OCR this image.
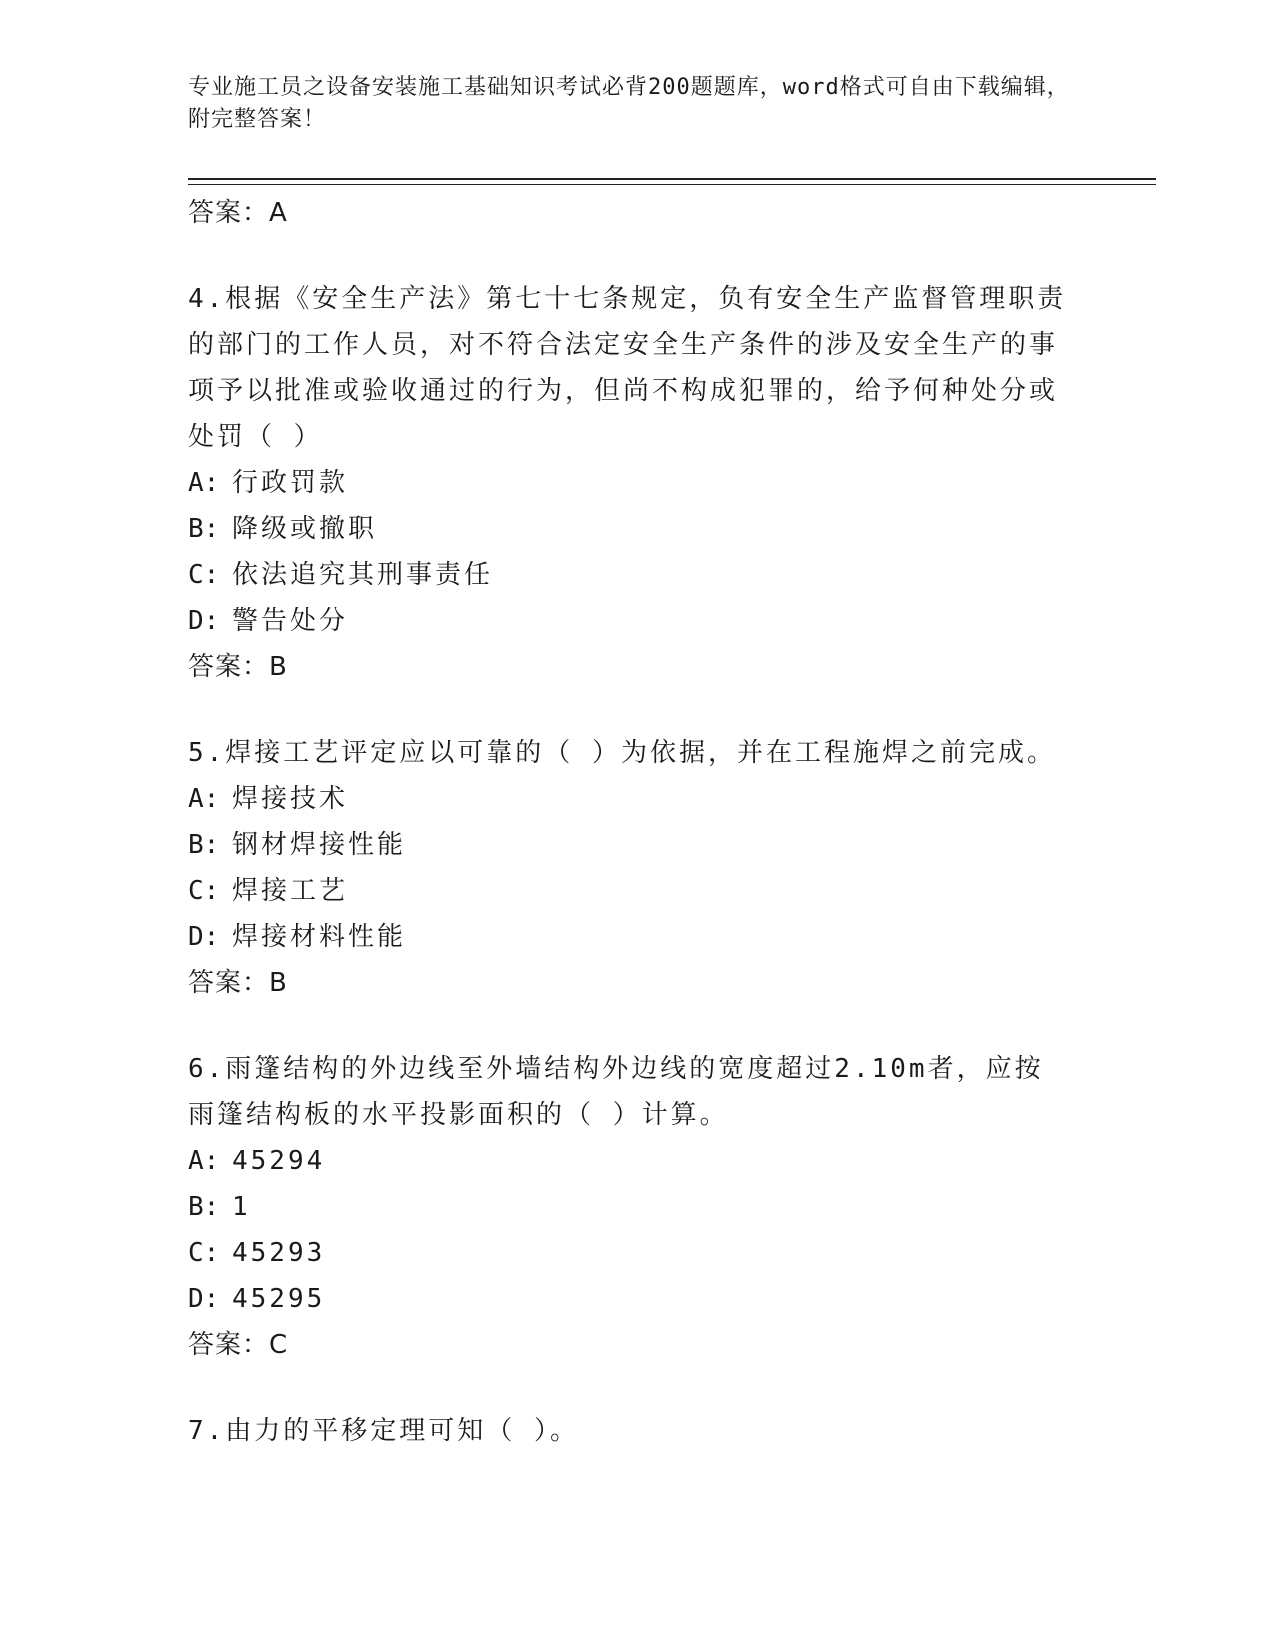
专业施工员之设备安装施工基础知识考试必背200题题库，word格式可自由下载编辑，附完整答案！
答案：A
4.根据《安全生产法》第七十七条规定，负有安全生产监督管理职责的部门的工作人员，对不符合法定安全生产条件的涉及安全生产的事项予以批准或验收通过的行为，但尚不构成犯罪的，给予何种处分或处罚（ ）
A: 行政罚款
B: 降级或撤职
C: 依法追究其刑事责任
D: 警告处分
答案：B
5.焊接工艺评定应以可靠的（ ）为依据，并在工程施焊之前完成。
A: 焊接技术
B: 钢材焊接性能
C: 焊接工艺
D: 焊接材料性能
答案：B
6.雨篷结构的外边线至外墙结构外边线的宽度超过2.10m者，应按雨篷结构板的水平投影面积的（ ）计算。
A: 45294
B: 1
C: 45293
D: 45295
答案：C
7.由力的平移定理可知（ ）。
